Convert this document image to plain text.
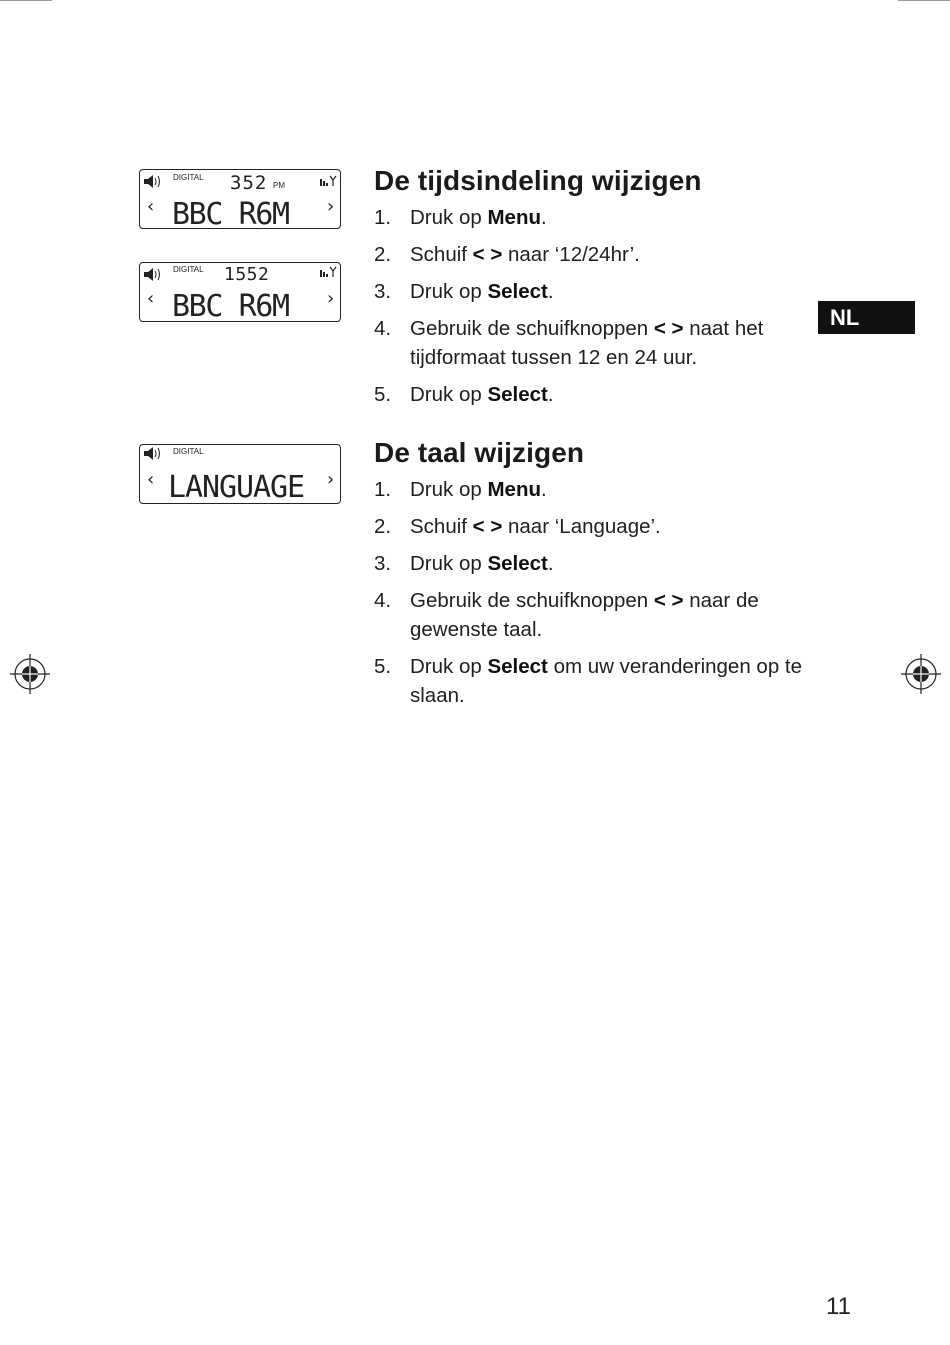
DIGITAL 352 PM
‹ BBC R6M ›
DIGITAL 1552
‹ BBC R6M ›
DIGITAL
‹ LANGUAGE ›
De tijdsindeling wijzigen
1. Druk op Menu.
2. Schuif < > naar ‘12/24hr’.
3. Druk op Select.
4. Gebruik de schuifknoppen < > naat het tijdformaat tussen 12 en 24 uur.
5. Druk op Select.
De taal wijzigen
1. Druk op Menu.
2. Schuif < > naar ‘Language’.
3. Druk op Select.
4. Gebruik de schuifknoppen < > naar de gewenste taal.
5. Druk op Select om uw veranderingen op te slaan.
NL
11
